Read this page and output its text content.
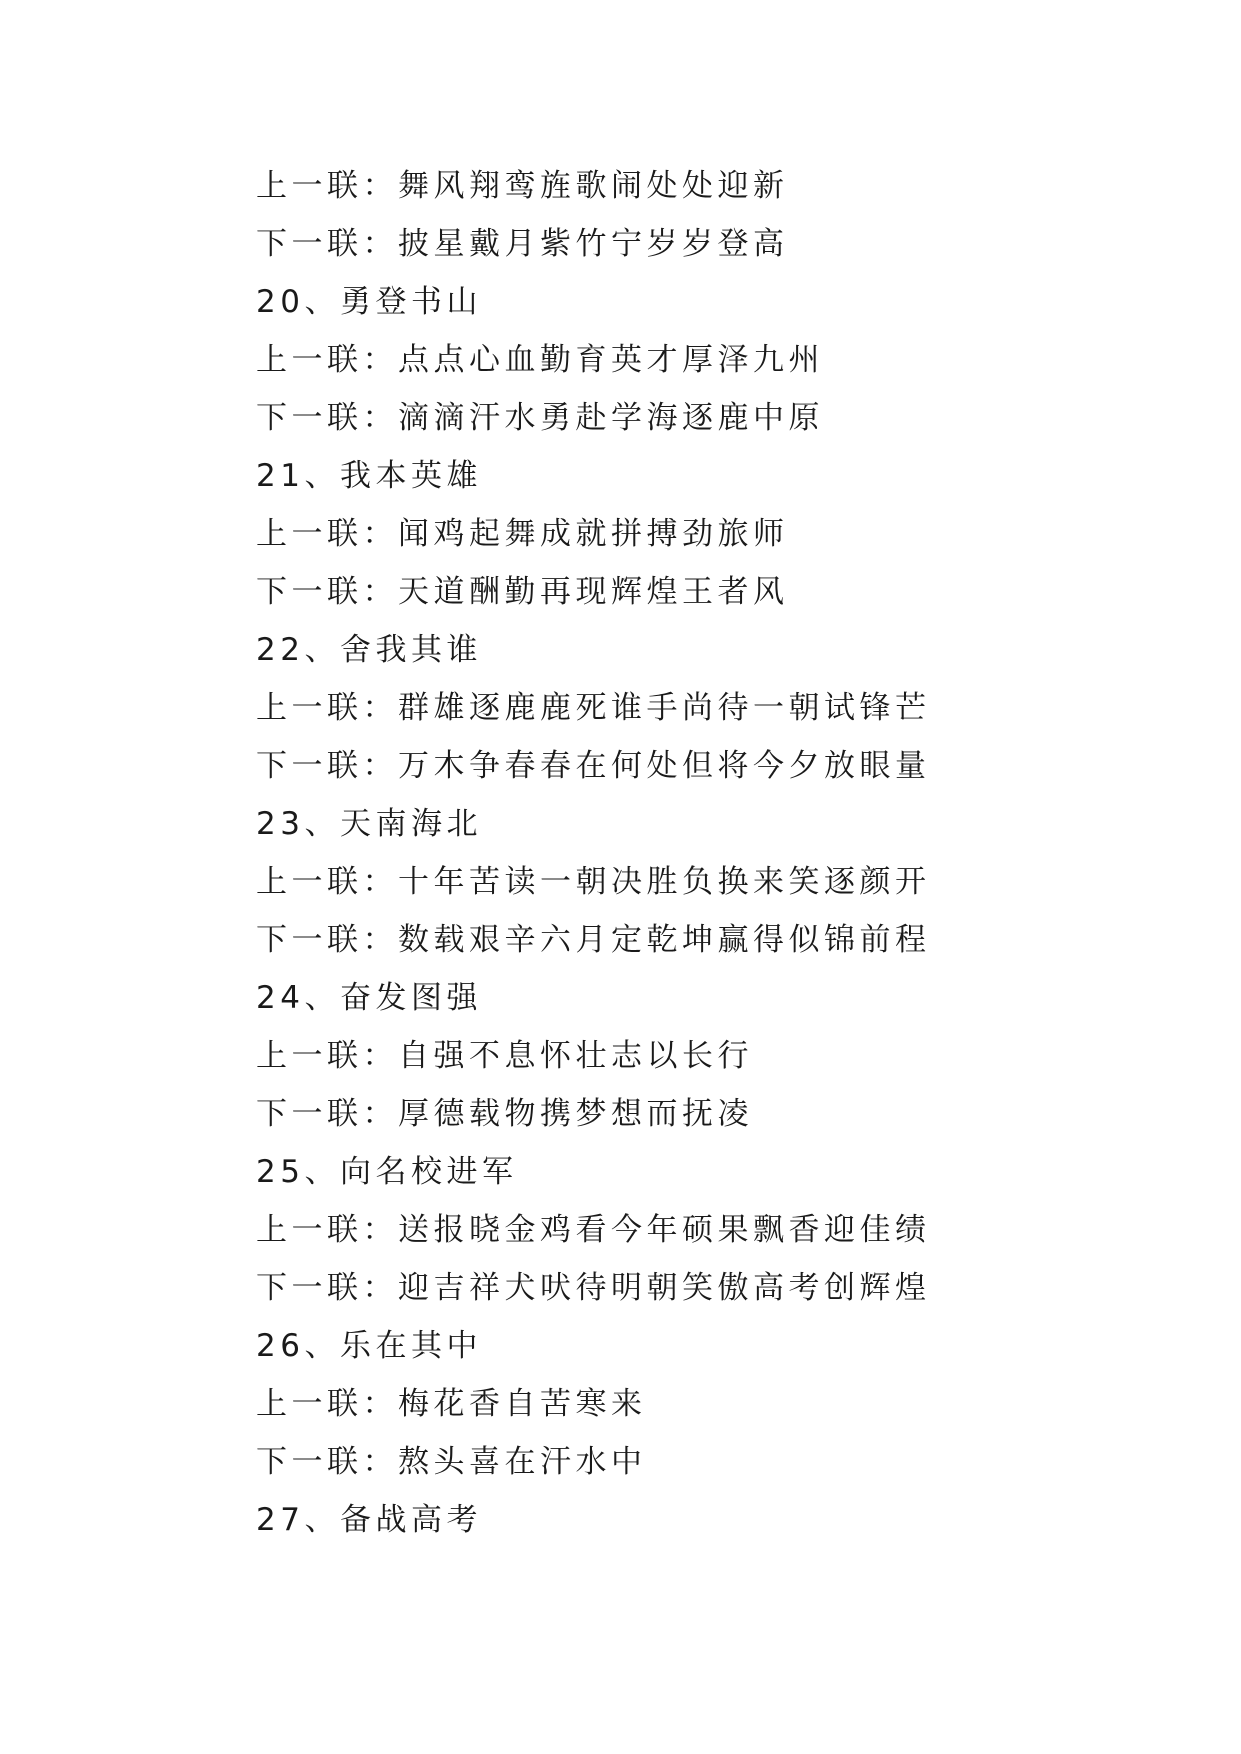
上一联：舞风翔鸾旌歌闹处处迎新
下一联：披星戴月紫竹宁岁岁登高
20、勇登书山
上一联：点点心血勤育英才厚泽九州
下一联：滴滴汗水勇赴学海逐鹿中原
21、我本英雄
上一联：闻鸡起舞成就拼搏劲旅师
下一联：天道酬勤再现辉煌王者风
22、舍我其谁
上一联：群雄逐鹿鹿死谁手尚待一朝试锋芒
下一联：万木争春春在何处但将今夕放眼量
23、天南海北
上一联：十年苦读一朝决胜负换来笑逐颜开
下一联：数载艰辛六月定乾坤赢得似锦前程
24、奋发图强
上一联：自强不息怀壮志以长行
下一联：厚德载物携梦想而抚凌
25、向名校进军
上一联：送报晓金鸡看今年硕果飘香迎佳绩
下一联：迎吉祥犬吠待明朝笑傲高考创辉煌
26、乐在其中
上一联：梅花香自苦寒来
下一联：熬头喜在汗水中
27、备战高考
